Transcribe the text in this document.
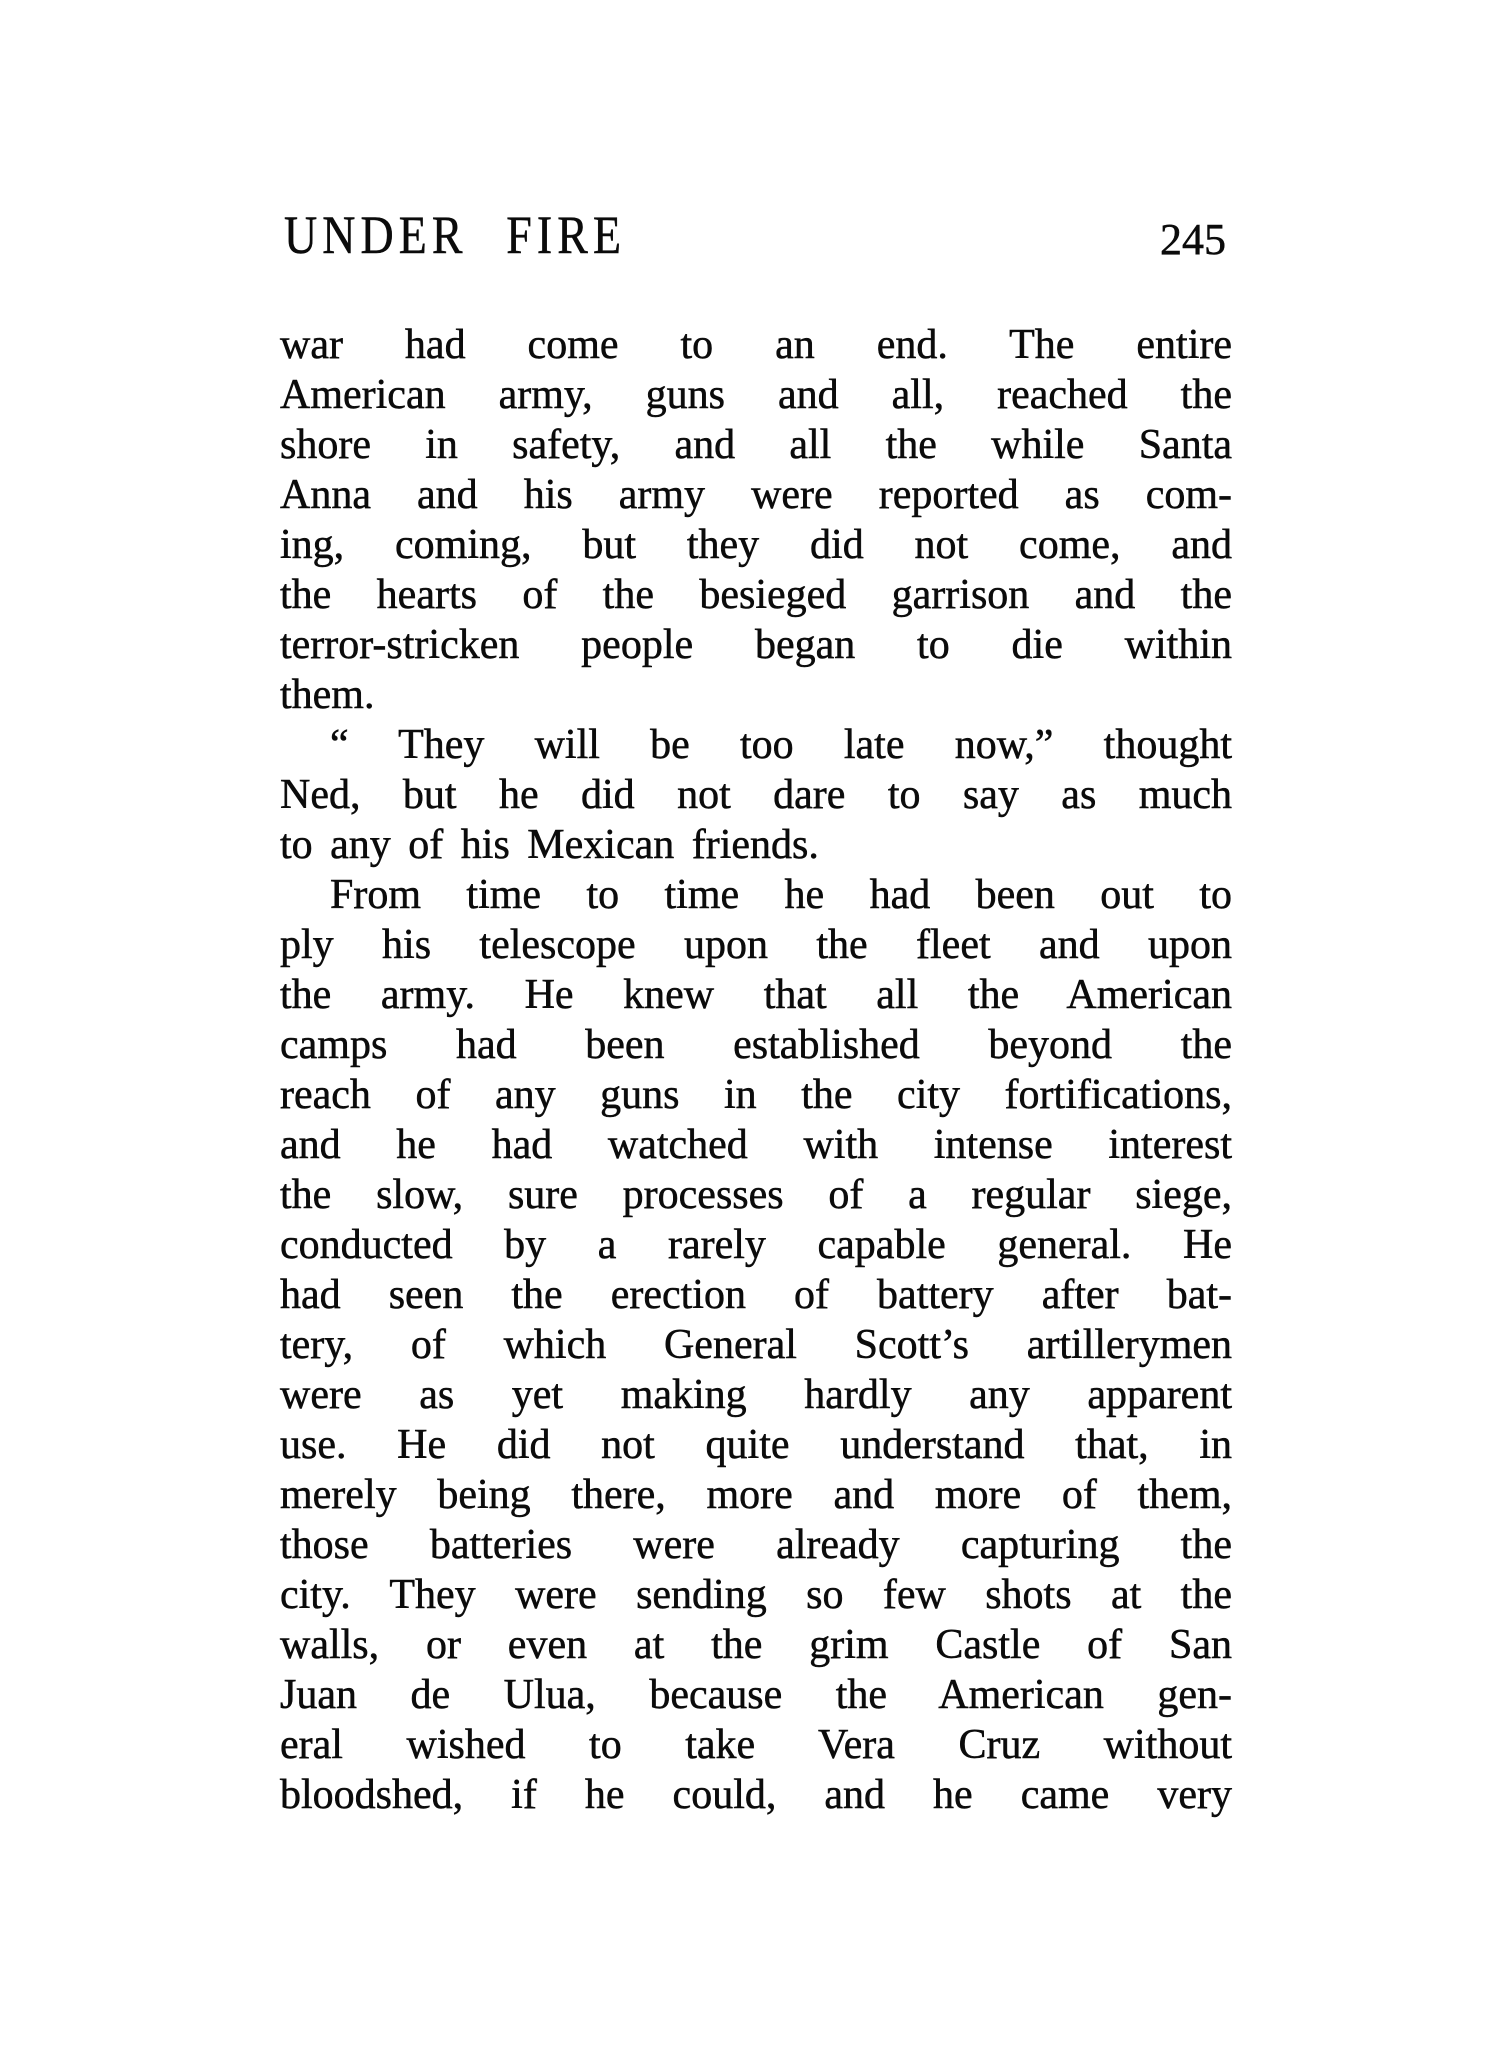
UNDER FIRE	245
war had come to an end. The entire
American army, guns and all, reached the
shore in safety, and all the while Santa
Anna and his army were reported as com-
ing, coming, but they did not come, and
the hearts of the besieged garrison and the
terror-stricken people began to die within
them.
“ They will be too late now,” thought
Ned, but he did not dare to say as much
to any of his Mexican friends.
From time to time he had been out to
ply his telescope upon the fleet and upon
the army. He knew that all the American
camps had been established beyond the
reach of any guns in the city fortifications,
and he had watched with intense interest
the slow, sure processes of a regular siege,
conducted by a rarely capable general. He
had seen the erection of battery after bat-
tery, of which General Scott’s artillerymen
were as yet making hardly any apparent
use. He did not quite understand that, in
merely being there, more and more of them,
those batteries were already capturing the
city. They were sending so few shots at the
walls, or even at the grim Castle of San
Juan de Ulua, because the American gen-
eral wished to take Vera Cruz without
bloodshed, if he could, and he came very
